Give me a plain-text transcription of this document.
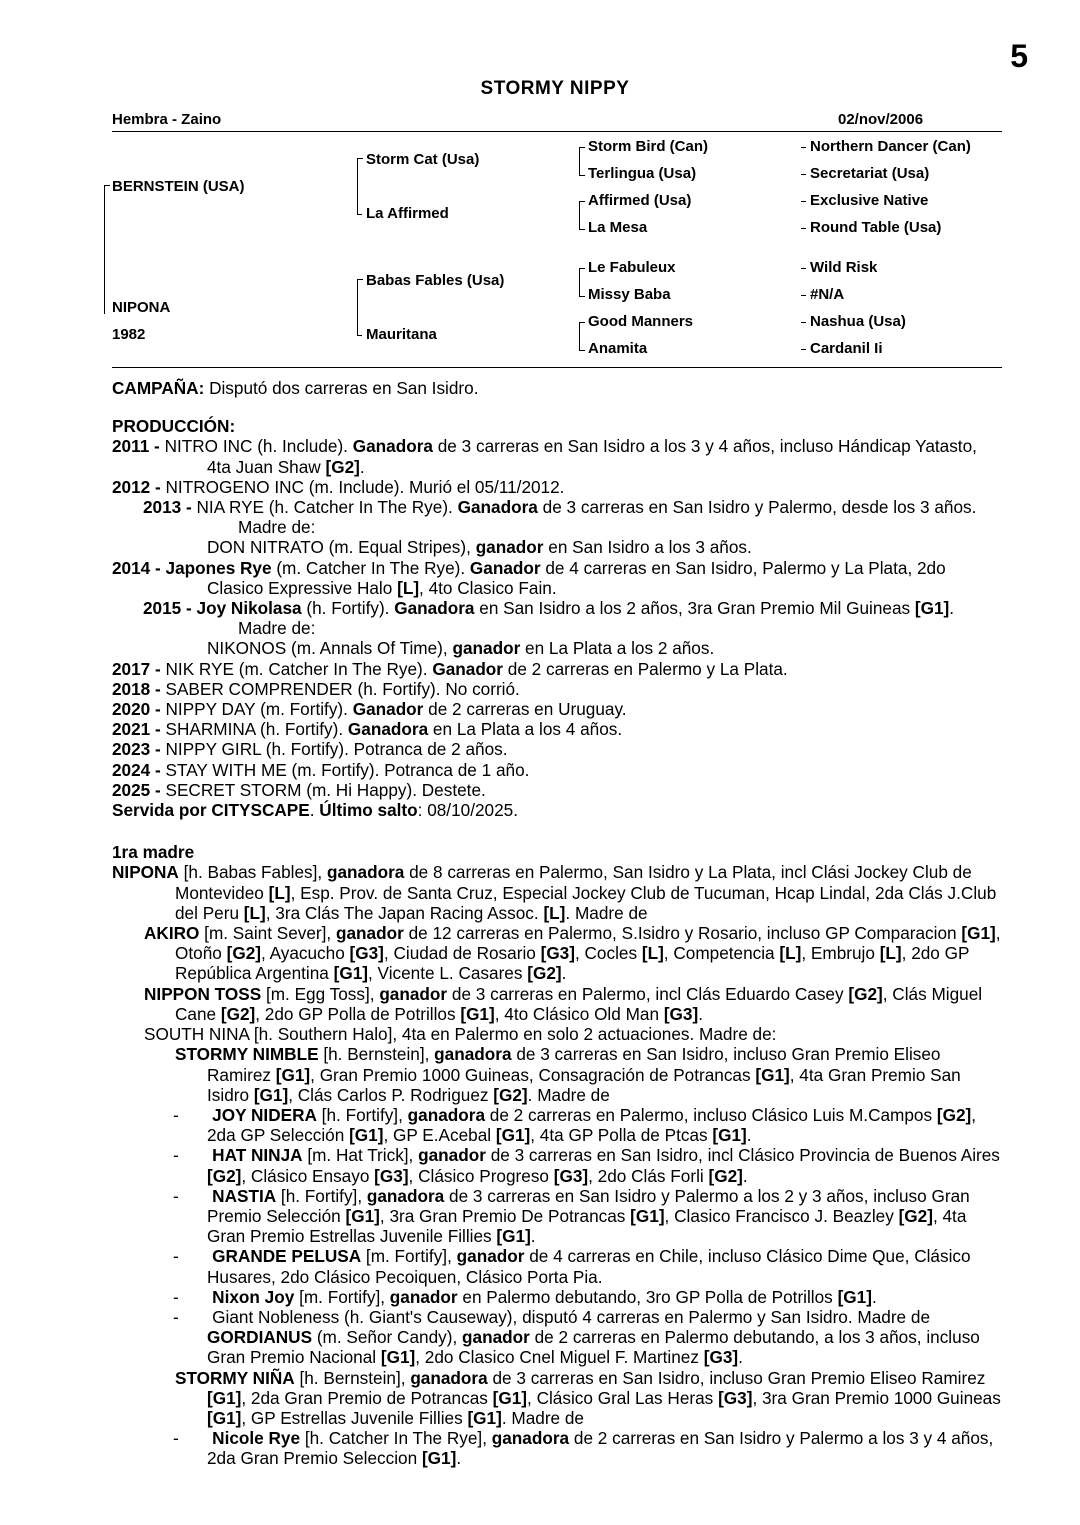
5
STORMY NIPPY
Hembra - Zaino	02/nov/2006
BERNSTEIN (USA)
NIPONA
1982
Storm Cat (Usa)
La Affirmed
Babas Fables (Usa)
Mauritana
Storm Bird (Can)
Terlingua (Usa)
Affirmed (Usa)
La Mesa
Le Fabuleux
Missy Baba
Good Manners
Anamita
Northern Dancer (Can)
Secretariat (Usa)
Exclusive Native
Round Table (Usa)
Wild Risk
#N/A
Nashua (Usa)
Cardanil Ii

CAMPAÑA: Disputó dos carreras en San Isidro.

PRODUCCIÓN:

2011 - NITRO INC (h. Include). Ganadora de 3 carreras en San Isidro a los 3 y 4 años, incluso Hándicap Yatasto, 4ta Juan Shaw [G2].

2012 - NITROGENO INC (m. Include). Murió el 05/11/2012.

2013 - NIA RYE (h. Catcher In The Rye). Ganadora de 3 carreras en San Isidro y Palermo, desde los 3 años. Madre de:

DON NITRATO (m. Equal Stripes), ganador en San Isidro a los 3 años.

2014 - Japones Rye (m. Catcher In The Rye). Ganador de 4 carreras en San Isidro, Palermo y La Plata, 2do Clasico Expressive Halo [L], 4to Clasico Fain.

2015 - Joy Nikolasa (h. Fortify). Ganadora en San Isidro a los 2 años, 3ra Gran Premio Mil Guineas [G1]. Madre de:

NIKONOS (m. Annals Of Time), ganador en La Plata a los 2 años.

2017 - NIK RYE (m. Catcher In The Rye). Ganador de 2 carreras en Palermo y La Plata.

2018 - SABER COMPRENDER (h. Fortify). No corrió.

2020 - NIPPY DAY (m. Fortify). Ganador de 2 carreras en Uruguay.

2021 - SHARMINA (h. Fortify). Ganadora en La Plata a los 4 años.

2023 - NIPPY GIRL (h. Fortify). Potranca de 2 años.

2024 - STAY WITH ME (m. Fortify). Potranca de 1 año.

2025 - SECRET STORM (m. Hi Happy). Destete.

Servida por CITYSCAPE. Último salto: 08/10/2025.

1ra madre

NIPONA [h. Babas Fables], ganadora de 8 carreras en Palermo, San Isidro y La Plata, incl Clási Jockey Club de Montevideo [L], Esp. Prov. de Santa Cruz, Especial Jockey Club de Tucuman, Hcap Lindal, 2da Clás J.Club del Peru [L], 3ra Clás The Japan Racing Assoc. [L]. Madre de

AKIRO [m. Saint Sever], ganador de 12 carreras en Palermo, S.Isidro y Rosario, incluso GP Comparacion [G1], Otoño [G2], Ayacucho [G3], Ciudad de Rosario [G3], Cocles [L], Competencia [L], Embrujo [L], 2do GP República Argentina [G1], Vicente L. Casares [G2].

NIPPON TOSS [m. Egg Toss], ganador de 3 carreras en Palermo, incl Clás Eduardo Casey [G2], Clás Miguel Cane [G2], 2do GP Polla de Potrillos [G1], 4to Clásico Old Man [G3].

SOUTH NINA [h. Southern Halo], 4ta en Palermo en solo 2 actuaciones. Madre de:

STORMY NIMBLE [h. Bernstein], ganadora de 3 carreras en San Isidro, incluso Gran Premio Eliseo Ramirez [G1], Gran Premio 1000 Guineas, Consagración de Potrancas [G1], 4ta Gran Premio San Isidro [G1], Clás Carlos P. Rodriguez [G2]. Madre de

-       JOY NIDERA [h. Fortify], ganadora de 2 carreras en Palermo, incluso Clásico Luis M.Campos [G2], 2da GP Selección [G1], GP E.Acebal [G1], 4ta GP Polla de Ptcas [G1].

-       HAT NINJA [m. Hat Trick], ganador de 3 carreras en San Isidro, incl Clásico Provincia de Buenos Aires [G2], Clásico Ensayo [G3], Clásico Progreso [G3], 2do Clás Forli [G2].

-       NASTIA [h. Fortify], ganadora de 3 carreras en San Isidro y Palermo a los 2 y 3 años, incluso Gran Premio Selección [G1], 3ra Gran Premio De Potrancas [G1], Clasico Francisco J. Beazley [G2], 4ta Gran Premio Estrellas Juvenile Fillies [G1].

-       GRANDE PELUSA [m. Fortify], ganador de 4 carreras en Chile, incluso Clásico Dime Que, Clásico Husares, 2do Clásico Pecoiquen, Clásico Porta Pia.

-       Nixon Joy [m. Fortify], ganador en Palermo debutando, 3ro GP Polla de Potrillos [G1].

-       Giant Nobleness (h. Giant's Causeway), disputó 4 carreras en Palermo y San Isidro. Madre de GORDIANUS (m. Señor Candy), ganador de 2 carreras en Palermo debutando, a los 3 años, incluso Gran Premio Nacional [G1], 2do Clasico Cnel Miguel F. Martinez [G3].

STORMY NIÑA [h. Bernstein], ganadora de 3 carreras en San Isidro, incluso Gran Premio Eliseo Ramirez [G1], 2da Gran Premio de Potrancas [G1], Clásico Gral Las Heras [G3], 3ra Gran Premio 1000 Guineas [G1], GP Estrellas Juvenile Fillies [G1]. Madre de

-       Nicole Rye [h. Catcher In The Rye], ganadora de 2 carreras en San Isidro y Palermo a los 3 y 4 años, 2da Gran Premio Seleccion [G1].
